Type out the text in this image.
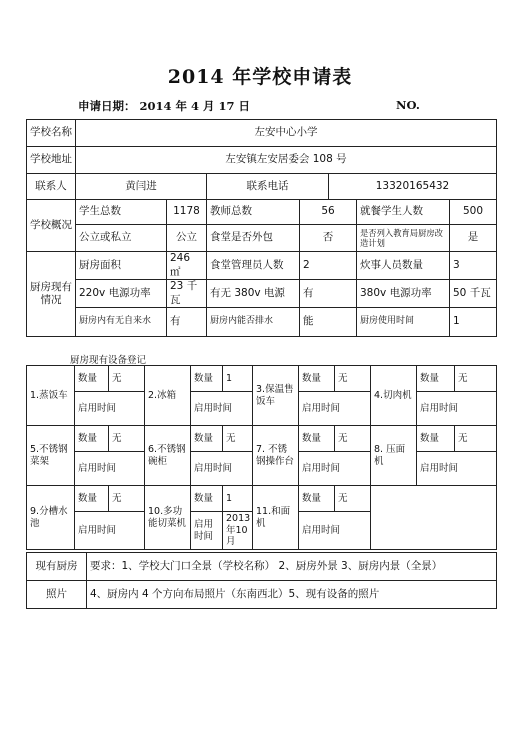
2014 年学校申请表
申请日期： 2014 年 4 月 17 日	NO.
学校名称	左安中心小学						
学校地址	左安镇左安居委会 108 号						
联系人	黄闫进		联系电话		13320165432		
学校概况	学生总数	1178	教师总数	56		就餐学生人数	500
	公立或私立	公立	食堂是否外包	否		是否列入教育局厨房改造计划	是
厨房现有情况	厨房面积	246 ㎡	食堂管理员人数	2		炊事人员数量	3
	220v 电源功率	23 千瓦	有无 380v 电源	有		380v 电源功率	50 千瓦
	厨房内有无自来水	有	厨房内能否排水	能		厨房使用时间	1
厨房现有设备登记
1.蒸饭车	数量	无	2.冰箱	数量	1	3.保温售饭车	数量	无	4.切肉机	数量	无
	启用时间			启用时间			启用时间			启用时间	
5.不锈钢菜架	数量	无	6.不锈钢碗柜	数量	无	7. 不锈钢操作台	数量	无	8. 压面机	数量	无
	启用时间			启用时间			启用时间			启用时间	
9.分槽水池	数量	无	10.多功能切菜机	数量	1	11.和面机	数量	无			
	启用时间			启用时间	2013年10月		启用时间				
现有厨房	要求：1、学校大门口全景（学校名称） 2、厨房外景 3、厨房内景（全景）
照片	4、厨房内 4 个方向布局照片（东南西北）5、现有设备的照片
